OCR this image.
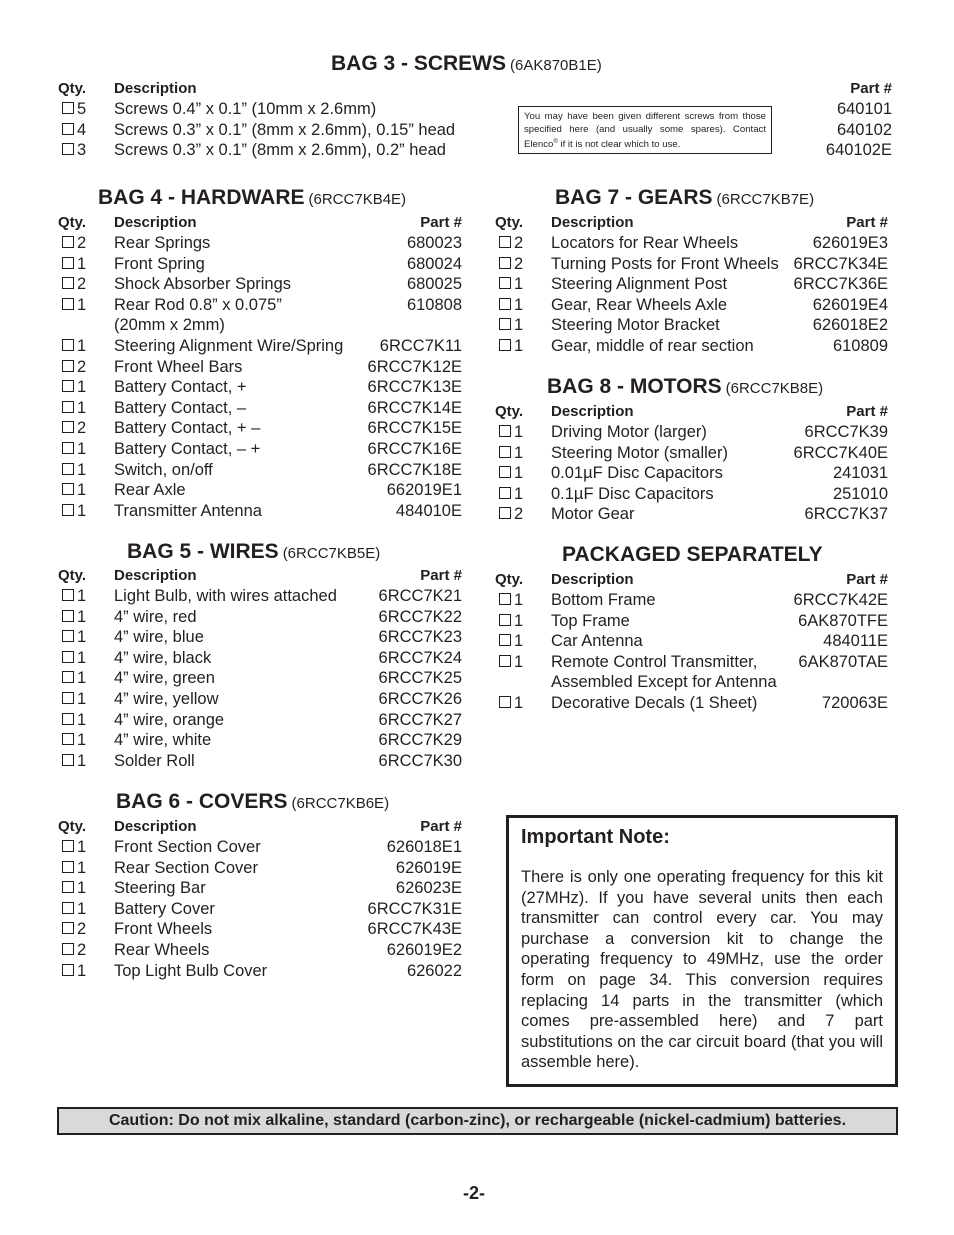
BAG 3 - SCREWS (6AK870B1E)
Qty. Description	Part #
5 Screws 0.4” x 0.1” (10mm x 2.6mm)	640101
4 Screws 0.3” x 0.1” (8mm x 2.6mm), 0.15” head	640102
3 Screws 0.3” x 0.1” (8mm x 2.6mm), 0.2” head	640102E
You may have been given different screws from those specified here (and usually some spares). Contact Elenco® if it is not clear which to use.
BAG 4 - HARDWARE (6RCC7KB4E)
Qty. Description	Part #
2 Rear Springs	680023
1 Front Spring	680024
2 Shock Absorber Springs	680025
1 Rear Rod 0.8” x 0.075”	610808
(20mm x 2mm)
1 Steering Alignment Wire/Spring 6RCC7K11
2 Front Wheel Bars	6RCC7K12E
1 Battery Contact, +	6RCC7K13E
1 Battery Contact, –	6RCC7K14E
2 Battery Contact, + –	6RCC7K15E
1 Battery Contact, – +	6RCC7K16E
1 Switch, on/off	6RCC7K18E
1 Rear Axle	662019E1
1 Transmitter Antenna	484010E
BAG 5 - WIRES (6RCC7KB5E)
Qty. Description	Part #
1 Light Bulb, with wires attached	6RCC7K21
1 4” wire, red	6RCC7K22
1 4” wire, blue	6RCC7K23
1 4” wire, black	6RCC7K24
1 4” wire, green	6RCC7K25
1 4” wire, yellow	6RCC7K26
1 4” wire, orange	6RCC7K27
1 4” wire, white	6RCC7K29
1 Solder Roll	6RCC7K30
BAG 6 - COVERS (6RCC7KB6E)
Qty. Description	Part #
1 Front Section Cover	626018E1
1 Rear Section Cover	626019E
1 Steering Bar	626023E
1 Battery Cover	6RCC7K31E
2 Front Wheels	6RCC7K43E
2 Rear Wheels	626019E2
1 Top Light Bulb Cover	626022
BAG 7 - GEARS (6RCC7KB7E)
Qty. Description	Part #
2 Locators for Rear Wheels	626019E3
2 Turning Posts for Front Wheels 6RCC7K34E
1 Steering Alignment Post	6RCC7K36E
1 Gear, Rear Wheels Axle	626019E4
1 Steering Motor Bracket	626018E2
1 Gear, middle of rear section	610809
BAG 8 - MOTORS (6RCC7KB8E)
Qty. Description	Part #
1 Driving Motor (larger)	6RCC7K39
1 Steering Motor (smaller)	6RCC7K40E
1 0.01µF Disc Capacitors	241031
1 0.1µF Disc Capacitors	251010
2 Motor Gear	6RCC7K37
PACKAGED SEPARATELY
Qty. Description	Part #
1 Bottom Frame	6RCC7K42E
1 Top Frame	6AK870TFE
1 Car Antenna	484011E
1 Remote Control Transmitter, 6AK870TAE
Assembled Except for Antenna
1 Decorative Decals (1 Sheet)	720063E
Important Note:
There is only one operating frequency for this kit (27MHz). If you have several units then each transmitter can control every car. You may purchase a conversion kit to change the operating frequency to 49MHz, use the order form on page 34. This conversion requires replacing 14 parts in the transmitter (which comes pre-assembled here) and 7 part substitutions on the car circuit board (that you will assemble here).
Caution: Do not mix alkaline, standard (carbon-zinc), or rechargeable (nickel-cadmium) batteries.
-2-
